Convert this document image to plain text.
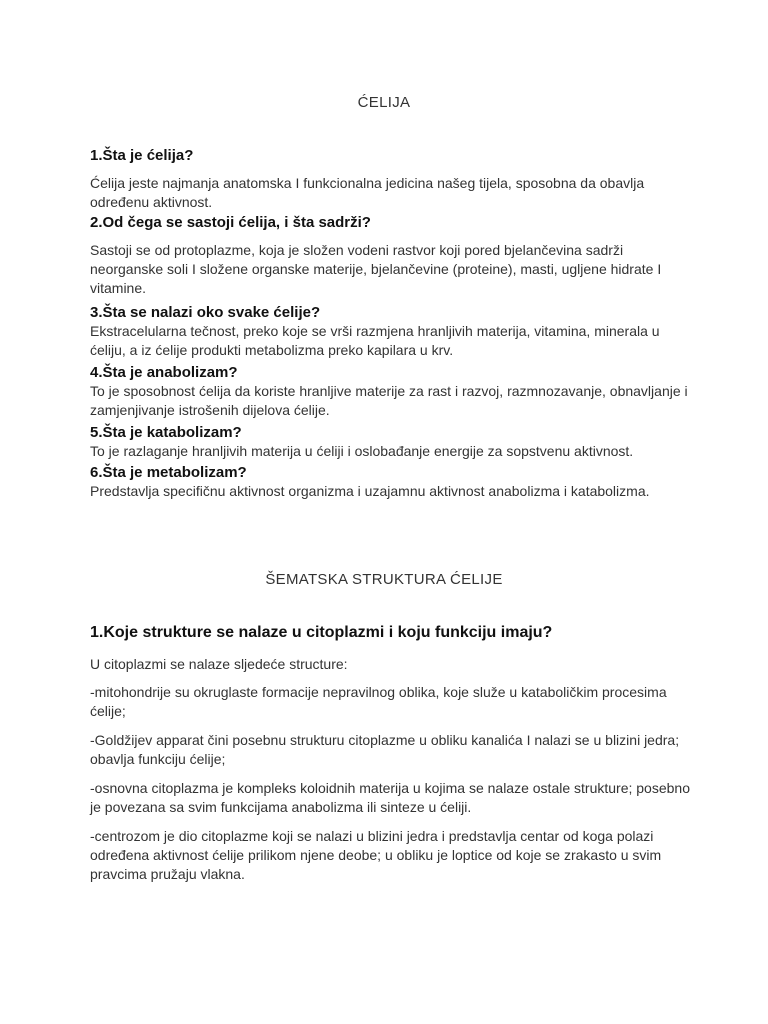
ĆELIJA

1.Šta je ćelija?

Ćelija jeste najmanja anatomska I funkcionalna jedicina našeg tijela, sposobna da obavlja određenu aktivnost.

2.Od čega se sastoji ćelija, i šta sadrži?

Sastoji se od protoplazme, koja je složen vodeni rastvor koji pored bjelančevina sadrži neorganske soli I složene organske materije, bjelančevine (proteine), masti, ugljene hidrate I vitamine.

3.Šta se nalazi oko svake ćelije?

Ekstracelularna tečnost, preko koje se vrši razmjena hranljivih materija, vitamina, minerala u ćeliju, a iz ćelije produkti metabolizma preko kapilara u krv.

4.Šta je anabolizam?

To je sposobnost ćelija da koriste hranljive materije za rast i razvoj, razmnozavanje, obnavljanje i zamjenjivanje istrošenih dijelova ćelije.

5.Šta je katabolizam?

To je razlaganje hranljivih materija u ćeliji i oslobađanje energije za sopstvenu aktivnost.

6.Šta je metabolizam?

Predstavlja specifičnu aktivnost organizma i uzajamnu aktivnost anabolizma i katabolizma.

ŠEMATSKA STRUKTURA ĆELIJE

1.Koje strukture se nalaze u citoplazmi i koju funkciju imaju?

U citoplazmi se nalaze sljedeće structure:

-mitohondrije su okruglaste formacije nepravilnog oblika, koje služe u kataboličkim procesima ćelije;

-Goldžijev apparat čini posebnu strukturu citoplazme u obliku kanalića I nalazi se u blizini jedra; obavlja funkciju ćelije;

-osnovna citoplazma je kompleks koloidnih materija u kojima se nalaze ostale strukture; posebno je povezana sa svim funkcijama anabolizma ili sinteze u ćeliji.

-centrozom je dio citoplazme koji se nalazi u blizini jedra i predstavlja centar od koga polazi određena aktivnost ćelije prilikom njene deobe; u obliku je loptice od koje se zrakasto u svim pravcima pružaju vlakna.
